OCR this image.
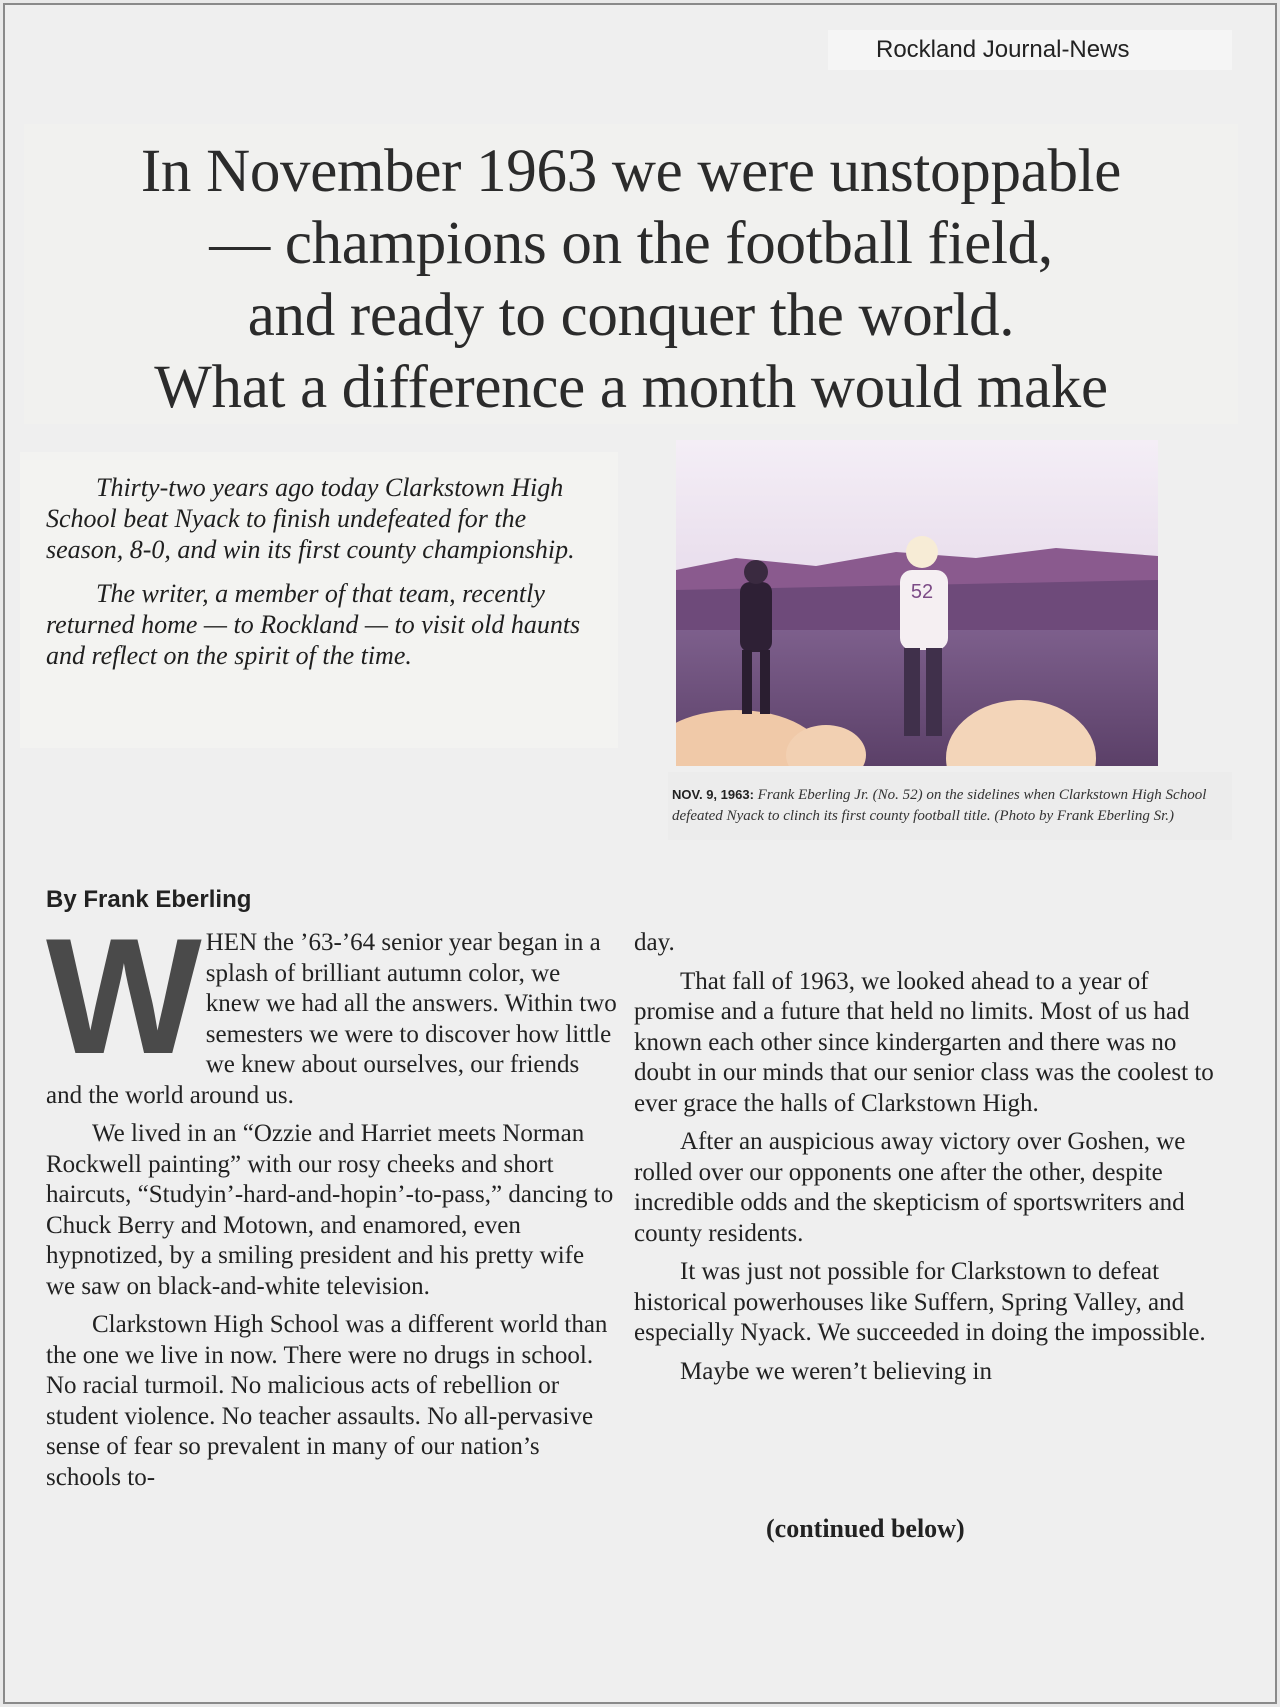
Rockland Journal-News
In November 1963 we were unstoppable
— champions on the football field,
and ready to conquer the world.
What a difference a month would make

Thirty-two years ago today Clarkstown High School beat Nyack to finish undefeated for the season, 8-0, and win its first county championship.

The writer, a member of that team, recently returned home — to Rockland — to visit old haunts and reflect on the spirit of the time.

52
NOV. 9, 1963: Frank Eberling Jr. (No. 52) on the sidelines when Clarkstown High School defeated Nyack to clinch its first county football title. (Photo by Frank Eberling Sr.)

By Frank Eberling

WHEN the ’63-’64 senior year began in a splash of brilliant autumn color, we knew we had all the answers. Within two semesters we were to discover how little we knew about ourselves, our friends and the world around us.

We lived in an “Ozzie and Harriet meets Norman Rockwell painting” with our rosy cheeks and short haircuts, “Studyin’-hard-and-hopin’-to-pass,” dancing to Chuck Berry and Motown, and enamored, even hypnotized, by a smiling president and his pretty wife we saw on black-and-white television.

Clarkstown High School was a different world than the one we live in now. There were no drugs in school. No racial turmoil. No malicious acts of rebellion or student violence. No teacher assaults. No all-pervasive sense of fear so prevalent in many of our nation’s schools to-

day.

That fall of 1963, we looked ahead to a year of promise and a future that held no limits. Most of us had known each other since kindergarten and there was no doubt in our minds that our senior class was the coolest to ever grace the halls of Clarkstown High.

After an auspicious away victory over Goshen, we rolled over our opponents one after the other, despite incredible odds and the skepticism of sportswriters and county residents.

It was just not possible for Clarkstown to defeat historical powerhouses like Suffern, Spring Valley, and especially Nyack. We succeeded in doing the impossible.

Maybe we weren’t believing in

(continued below)
